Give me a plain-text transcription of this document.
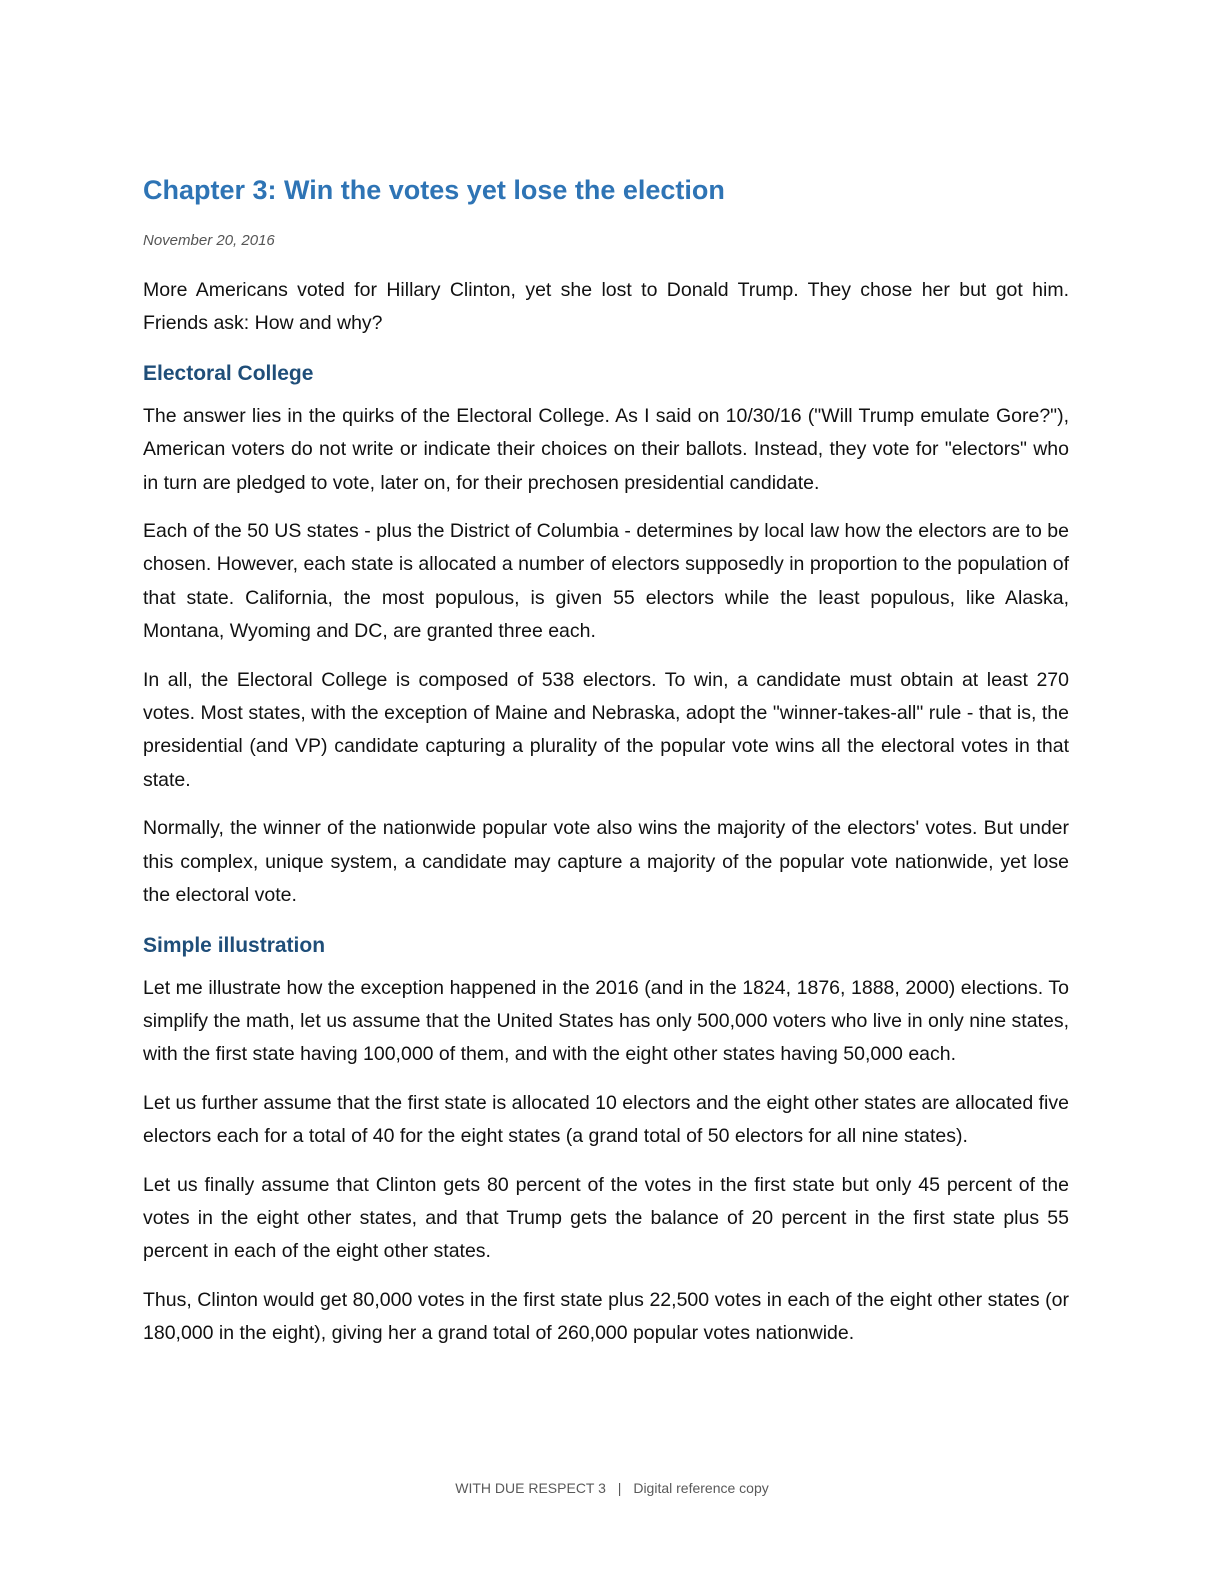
Chapter 3: Win the votes yet lose the election
November 20, 2016

More Americans voted for Hillary Clinton, yet she lost to Donald Trump. They chose her but got him. Friends ask: How and why?

Electoral College

The answer lies in the quirks of the Electoral College. As I said on 10/30/16 ("Will Trump emulate Gore?"), American voters do not write or indicate their choices on their ballots. Instead, they vote for "electors" who in turn are pledged to vote, later on, for their prechosen presidential candidate.

Each of the 50 US states - plus the District of Columbia - determines by local law how the electors are to be chosen. However, each state is allocated a number of electors supposedly in proportion to the population of that state. California, the most populous, is given 55 electors while the least populous, like Alaska, Montana, Wyoming and DC, are granted three each.

In all, the Electoral College is composed of 538 electors. To win, a candidate must obtain at least 270 votes. Most states, with the exception of Maine and Nebraska, adopt the "winner-takes-all" rule - that is, the presidential (and VP) candidate capturing a plurality of the popular vote wins all the electoral votes in that state.

Normally, the winner of the nationwide popular vote also wins the majority of the electors' votes. But under this complex, unique system, a candidate may capture a majority of the popular vote nationwide, yet lose the electoral vote.

Simple illustration

Let me illustrate how the exception happened in the 2016 (and in the 1824, 1876, 1888, 2000) elections. To simplify the math, let us assume that the United States has only 500,000 voters who live in only nine states, with the first state having 100,000 of them, and with the eight other states having 50,000 each.

Let us further assume that the first state is allocated 10 electors and the eight other states are allocated five electors each for a total of 40 for the eight states (a grand total of 50 electors for all nine states).

Let us finally assume that Clinton gets 80 percent of the votes in the first state but only 45 percent of the votes in the eight other states, and that Trump gets the balance of 20 percent in the first state plus 55 percent in each of the eight other states.

Thus, Clinton would get 80,000 votes in the first state plus 22,500 votes in each of the eight other states (or 180,000 in the eight), giving her a grand total of 260,000 popular votes nationwide.

WITH DUE RESPECT 3 | Digital reference copy
